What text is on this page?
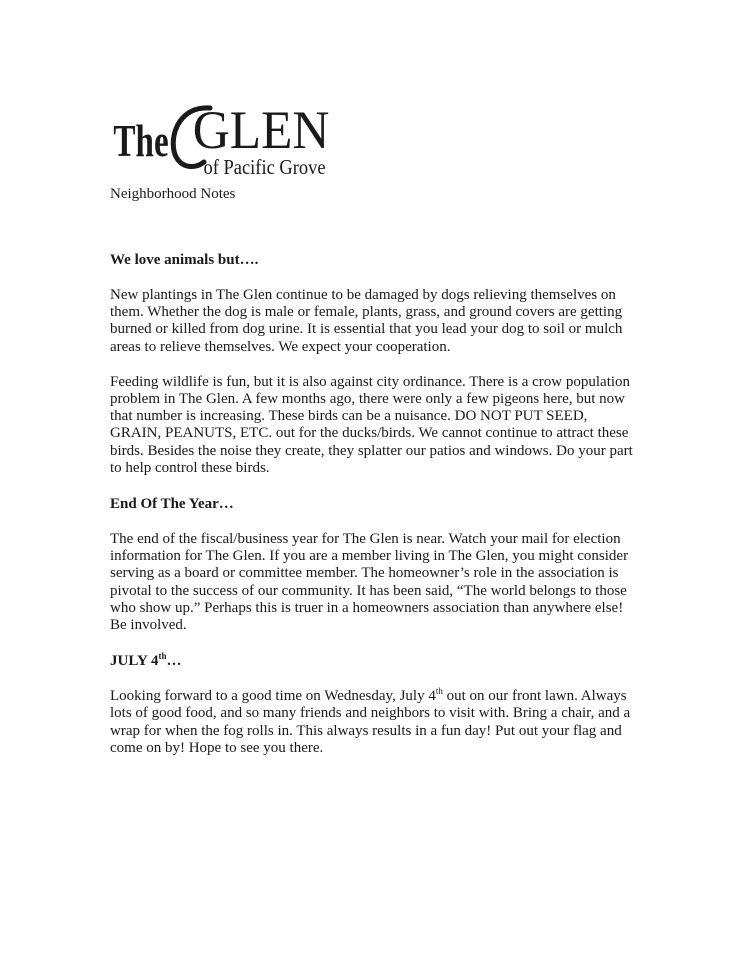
The GLEN
of Pacific Grove
Neighborhood Notes
We love animals but….
New plantings in The Glen continue to be damaged by dogs relieving themselves on them. Whether the dog is male or female, plants, grass, and ground covers are getting burned or killed from dog urine. It is essential that you lead your dog to soil or mulch areas to relieve themselves. We expect your cooperation.
Feeding wildlife is fun, but it is also against city ordinance. There is a crow population problem in The Glen. A few months ago, there were only a few pigeons here, but now that number is increasing. These birds can be a nuisance. DO NOT PUT SEED, GRAIN, PEANUTS, ETC. out for the ducks/birds. We cannot continue to attract these birds. Besides the noise they create, they splatter our patios and windows. Do your part to help control these birds.
End Of The Year…
The end of the fiscal/business year for The Glen is near. Watch your mail for election information for The Glen. If you are a member living in The Glen, you might consider serving as a board or committee member. The homeowner’s role in the association is pivotal to the success of our community. It has been said, “The world belongs to those who show up.” Perhaps this is truer in a homeowners association than anywhere else! Be involved.
JULY 4th…
Looking forward to a good time on Wednesday, July 4th out on our front lawn. Always lots of good food, and so many friends and neighbors to visit with. Bring a chair, and a wrap for when the fog rolls in. This always results in a fun day! Put out your flag and come on by! Hope to see you there.
